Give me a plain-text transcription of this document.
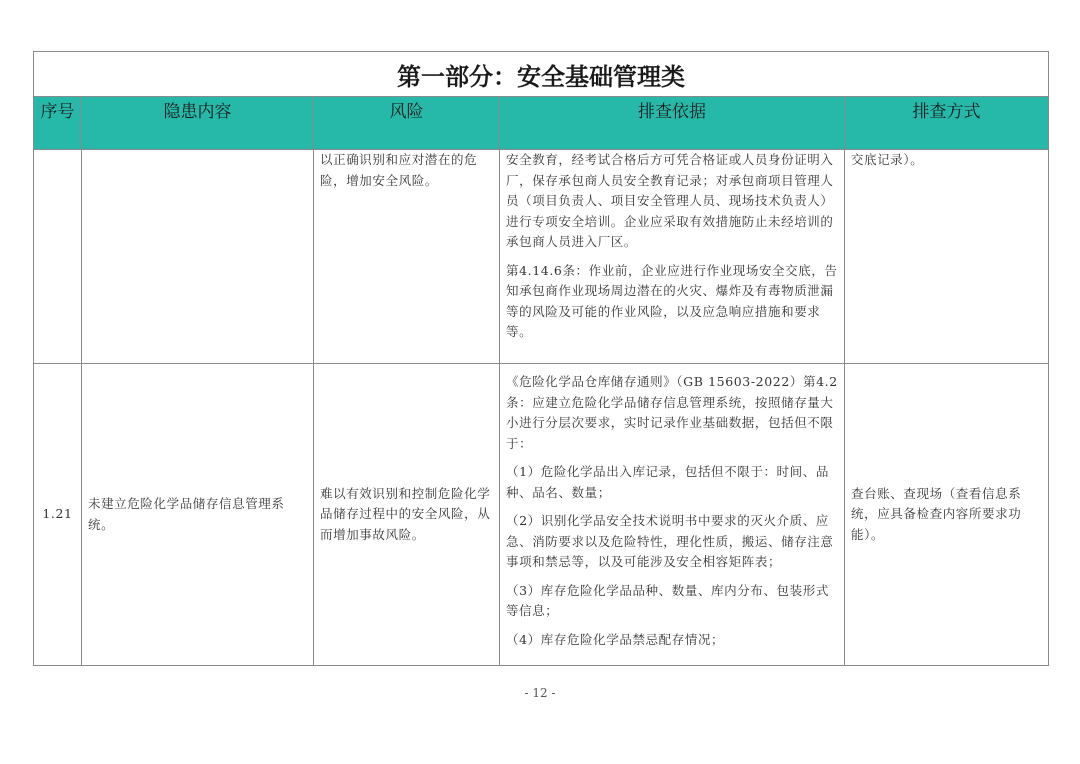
第一部分：安全基础管理类				
序号	隐患内容	风险	排查依据	排查方式

		以正确识别和应对潜在的危险，增加安全风险。	安全教育，经考试合格后方可凭合格证或人员身份证明入厂，保存承包商人员安全教育记录；对承包商项目管理人员（项目负责人、项目安全管理人员、现场技术负责人）进行专项安全培训。企业应采取有效措施防止未经培训的承包商人员进入厂区。
第4.14.6条：作业前，企业应进行作业现场安全交底，告知承包商作业现场周边潜在的火灾、爆炸及有毒物质泄漏等的风险及可能的作业风险，以及应急响应措施和要求等。	交底记录）。

1.21	未建立危险化学品储存信息管理系统。	难以有效识别和控制危险化学品储存过程中的安全风险，从而增加事故风险。	《危险化学品仓库储存通则》（GB 15603-2022）第4.2条：应建立危险化学品储存信息管理系统，按照储存量大小进行分层次要求，实时记录作业基础数据，包括但不限于：
（1）危险化学品出入库记录，包括但不限于：时间、品种、品名、数量；
（2）识别化学品安全技术说明书中要求的灭火介质、应急、消防要求以及危险特性，理化性质，搬运、储存注意事项和禁忌等，以及可能涉及安全相容矩阵表；
（3）库存危险化学品品种、数量、库内分布、包装形式等信息；
（4）库存危险化学品禁忌配存情况；	查台账、查现场（查看信息系统，应具备检查内容所要求功能）。
- 12 -
